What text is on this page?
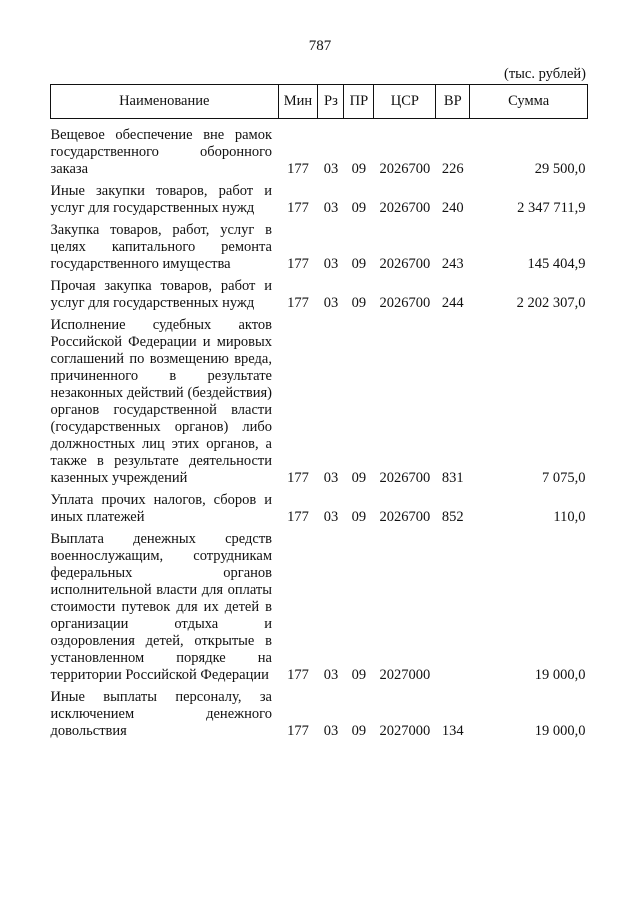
787
(тыс. рублей)
Наименование	Мин	Рз	ПР	ЦСР	ВР	Сумма
Вещевое обеспечение вне рамок государственного оборонного заказа	177	03	09	2026700	226	29 500,0
Иные закупки товаров, работ и услуг для государственных нужд	177	03	09	2026700	240	2 347 711,9
Закупка товаров, работ, услуг в целях капитального ремонта государственного имущества	177	03	09	2026700	243	145 404,9
Прочая закупка товаров, работ и услуг для государственных нужд	177	03	09	2026700	244	2 202 307,0
Исполнение судебных актов Российской Федерации и мировых соглашений по возмещению вреда, причиненного в результате незаконных действий (бездействия) органов государственной власти (государственных органов) либо должностных лиц этих органов, а также в результате деятельности казенных учреждений	177	03	09	2026700	831	7 075,0
Уплата прочих налогов, сборов и иных платежей	177	03	09	2026700	852	110,0
Выплата денежных средств военнослужащим, сотрудникам федеральных органов исполнительной власти для оплаты стоимости путевок для их детей в организации отдыха и оздоровления детей, открытые в установленном порядке на территории Российской Федерации	177	03	09	2027000		19 000,0
Иные выплаты персоналу, за исключением денежного довольствия	177	03	09	2027000	134	19 000,0
